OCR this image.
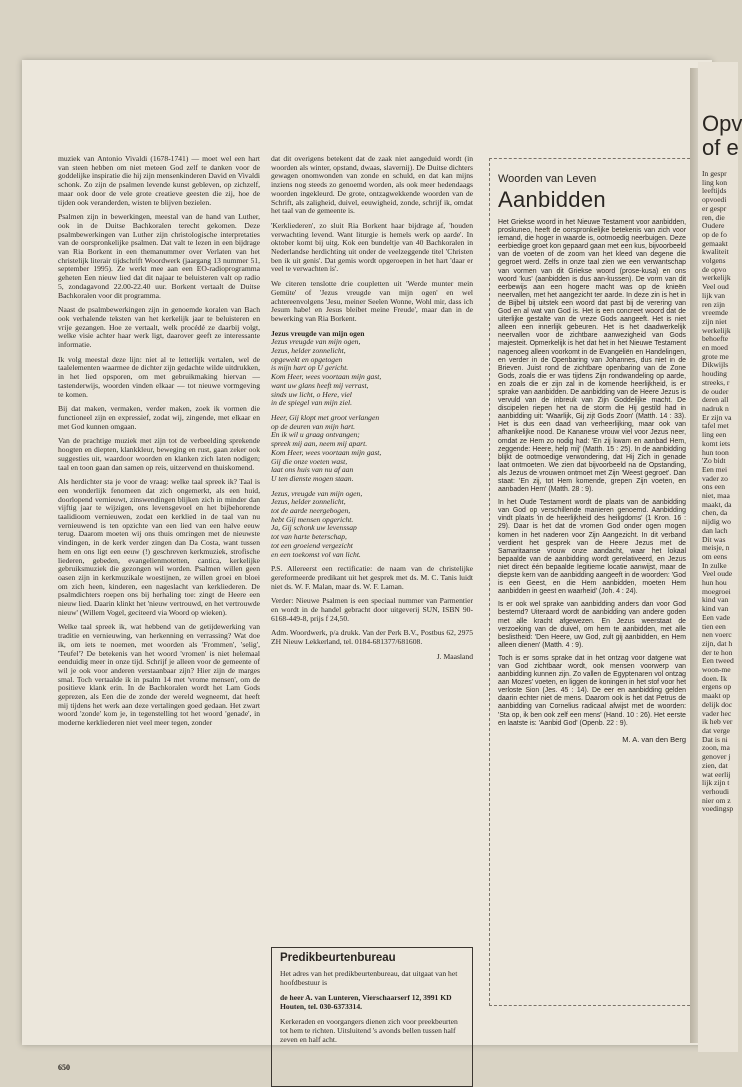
muziek van Antonio Vivaldi (1678-1741) — moet wel een hart van steen hebben om niet meteen God zelf te danken voor de goddelijke inspiratie die hij zijn mensenkinderen David en Vivaldi schonk. Zo zijn de psalmen levende kunst gebleven, op zichzelf, maar ook door de vele grote creatieve geesten die zij, hoe de tijden ook veranderden, wisten te blijven bezielen.

Psalmen zijn in bewerkingen, meestal van de hand van Luther, ook in de Duitse Bachkoralen terecht gekomen. Deze psalmbewerkingen van Luther zijn christologische interpretaties van de oorspronkelijke psalmen. Dat valt te lezen in een bijdrage van Ria Borkent in een themanummer over Verlaten van het christelijk literair tijdschrift Woordwerk (jaargang 13 nummer 51, september 1995). Ze werkt mee aan een EO-radioprogramma geheten Een nieuw lied dat dit najaar te beluisteren valt op radio 5, zondagavond 22.00-22.40 uur. Borkent vertaalt de Duitse Bachkoralen voor dit programma.

Naast de psalmbewerkingen zijn in genoemde koralen van Bach ook verhalende teksten van het kerkelijk jaar te beluisteren en vrije gezangen. Hoe ze vertaalt, welk procédé ze daarbij volgt, welke visie achter haar werk ligt, daarover geeft ze interessante informatie.

Ik volg meestal deze lijn: niet al te letterlijk vertalen, wel de taalelementen waarmee de dichter zijn gedachte wilde uitdrukken, in het lied opsporen, om met gebruikmaking hiervan — tastenderwijs, woorden vinden elkaar — tot nieuwe vormgeving te komen.

Bij dat maken, vermaken, verder maken, zoek ik vormen die functioneel zijn en expressief, zodat wij, zingende, met elkaar en met God kunnen omgaan.

Van de prachtige muziek met zijn tot de verbeelding sprekende hoogten en diepten, klankkleur, beweging en rust, gaan zeker ook suggesties uit, waardoor woorden en klanken zich laten nodigen; taal en toon gaan dan samen op reis, uitzervend en thuiskomend.

Als herdichter sta je voor de vraag: welke taal spreek ik? Taal is een wonderlijk fenomeen dat zich ongemerkt, als een huid, doorlopend vernieuwt, zinswendingen blijken zich in minder dan vijftig jaar te wijzigen, ons levensgevoel en het bijbehorende taalidioom vernieuwen, zodat een kerklied in de taal van nu vernieuwend is ten opzichte van een lied van een halve eeuw terug. Daarom moeten wij ons thuis omringen met de nieuwste vindingen, in de kerk verder zingen dan Da Costa, want tussen hem en ons ligt een eeuw (!) geschreven kerkmuziek, strofische liederen, gebeden, evangelienmotetten, cantica, kerkelijke gebruiksmuziek die gezongen wil worden. Psalmen willen geen oasen zijn in kerkmuzikale woestijnen, ze willen groei en bloei om zich heen, kinderen, een nageslacht van kerkliederen. De psalmdichters roepen ons bij herhaling toe: zingt de Heere een nieuw lied. Daarin klinkt het 'nieuw vertrouwd, en het vertrouwde nieuw' (Willem Vogel, geciteerd via Woord op wieken).

Welke taal spreek ik, wat hebbend van de getijdewerking van traditie en vernieuwing, van herkenning en verrassing? Wat doe ik, om iets te noemen, met woorden als 'Frommen', 'selig', 'Teufel'? De betekenis van het woord 'vromen' is niet helemaal eenduidig meer in onze tijd. Schrijf je alleen voor de gemeente of wil je ook voor anderen verstaanbaar zijn? Hier zijn de marges smal. Toch vertaalde ik in psalm 14 met 'vrome mensen', om de positieve klank erin. In de Bachkoralen wordt het Lam Gods geprezen, als Een die de zonde der wereld wegneemt, dat heeft mij tijdens het werk aan deze vertalingen goed gedaan. Het zwart woord 'zonde' kom je, in tegenstelling tot het woord 'genade', in moderne kerkliederen niet veel meer tegen, zonder

dat dit overigens betekent dat de zaak niet aangeduid wordt (in woorden als winter, opstand, dwaas, slavernij). De Duitse dichters gewagen onomwonden van zonde en schuld, en dat kan mijns inziens nog steeds zo genoemd worden, als ook meer hedendaags woorden ingekleurd. De grote, ontzagwekkende woorden van de Schrift, als zaligheid, duivel, eeuwigheid, zonde, schrijf ik, omdat het taal van de gemeente is.

'Kerkliederen', zo sluit Ria Borkent haar bijdrage af, 'houden verwachting levend. Want liturgie is hemels werk op aarde'. In oktober komt bij uitg. Kok een bundeltje van 40 Bachkoralen in Nederlandse herdichting uit onder de veelzeggende titel 'Christen ben ik uit genis'. Dat gemis wordt opgeroepen in het hart 'daar er veel te verwachten is'.

We citeren tenslotte drie coupletten uit 'Werde munter mein Gemüte' of 'Jezus vreugde van mijn ogen' en wel achtereenvolgens 'Jesu, meiner Seelen Wonne, Wohl mir, dass ich Jesum habe! en Jesus bleibet meine Freude', maar dan in de bewerking van Ria Borkent.

Jezus vreugde van mijn ogen
Jezus vreugde van mijn ogen,
Jezus, helder zonnelicht,
opgewekt en opgetogen
is mijn hart op U gericht.
Kom Heer, wees voortaan mijn gast,
want uw glans heeft mij verrast,
sinds uw licht, o Here, viel
in de spiegel van mijn ziel.
Heer, Gij klopt met groot verlangen
op de deuren van mijn hart.
En ik wil u graag ontvangen;
spreek mij aan, neem mij apart.
Kom Heer, wees voortaan mijn gast,
Gij die onze voeten wast,
laat ons huis van nu af aan
U ten dienste mogen staan.
Jezus, vreugde van mijn ogen,
Jezus, helder zonnelicht,
tot de aarde neergebogen,
hebt Gij mensen opgericht.
Ja, Gij schonk uw levenssap
tot van harte beterschap,
tot een groeiend vergezicht
en een toekomst vol van licht.

P.S. Allereerst een rectificatie: de naam van de christelijke gereformeerde predikant uit het gesprek met ds. M. C. Tanis luidt niet ds. W. F. Malan, maar ds. W. F. Laman.

Verder: Nieuwe Psalmen is een speciaal nummer van Parmentier en wordt in de handel gebracht door uitgeverij SUN, ISBN 90-6168-449-8, prijs f 24,50.

Adm. Woordwerk, p/a drukk. Van der Perk B.V., Postbus 62, 2975 ZH Nieuw Lekkerland, tel. 0184-681377/681608.

J. Maasland

Predikbeurtenbureau

Het adres van het predikbeurtenbureau, dat uitgaat van het hoofdbestuur is

de heer A. van Lunteren, Vierschaarserf 12, 3991 KD Houten, tel. 030-6373314.

Kerkeraden en voorgangers dienen zich voor preekbeurten tot hem te richten. Uitsluitend 's avonds bellen tussen half zeven en half acht.

Woorden van Leven
Aanbidden

Het Griekse woord in het Nieuwe Testament voor aanbidden, proskuneo, heeft de oorspronkelijke betekenis van zich voor iemand, die hoger in waarde is, ootmoedig neerbuigen. Deze eerbiedige groet kon gepaard gaan met een kus, bijvoorbeeld van de voeten of de zoom van het kleed van degene die gegroet werd. Zelfs in onze taal zien we een verwantschap van vormen van dit Griekse woord (prose-kusa) en ons woord 'kus' (aanbidden is dus aan-kussen). De vorm van dit eerbewijs aan een hogere macht was op de knieën neervallen, met het aangezicht ter aarde. In deze zin is het in de Bijbel bij uitstek een woord dat past bij de verering van God en al wat van God is. Het is een concreet woord dat de uiterlijke gestalte van de vreze Gods aangeeft. Het is niet alleen een innerlijk gebeuren. Het is het daadwerkelijk neervallen voor de zichtbare aanwezigheid van Gods majesteit. Opmerkelijk is het dat het in het Nieuwe Testament nagenoeg alleen voorkomt in de Evangeliën en Handelingen, en verder in de Openbaring van Johannes, dus niet in de Brieven. Juist rond de zichtbare openbaring van de Zone Gods, zoals die er was tijdens Zijn rondwandeling op aarde, en zoals die er zijn zal in de komende heerlijkheid, is er sprake van aanbidden. De aanbidding van de Heere Jezus is vervuld van de inbreuk van Zijn Goddelijke macht. De discipelen riepen het na de storm die Hij gestild had in aanbidding uit: 'Waarlijk, Gij zijt Gods Zoon' (Matth. 14 : 33). Het is dus een daad van verheerlijking, maar ook van afhankelijke nood. De Kananese vrouw viel voor Jezus neer, omdat ze Hem zo nodig had: 'En zij kwam en aanbad Hem, zeggende: Heere, help mij' (Matth. 15 : 25). In de aanbidding blijkt de ootmoedige verwondering, dat Hij Zich in genade laat ontmoeten. We zien dat bijvoorbeeld na de Opstanding, als Jezus de vrouwen ontmoet met Zijn 'Weest gegroet'. Dan staat: 'En zij, tot Hem komende, grepen Zijn voeten, en aanbaden Hem' (Matth. 28 : 9).

In het Oude Testament wordt de plaats van de aanbidding van God op verschillende manieren genoemd. Aanbidding vindt plaats 'in de heerlijkheid des heiligdoms' (1 Kron. 16 : 29). Daar is het dat de vromen God onder ogen mogen komen in het naderen voor Zijn Aangezicht. In dit verband verdient het gesprek van de Heere Jezus met de Samaritaanse vrouw onze aandacht, waar het lokaal bepaalde van de aanbidding wordt gerelativeerd, en Jezus niet direct één bepaalde legitieme locatie aanwijst, maar de diepste kern van de aanbidding aangeeft in de woorden: 'God is een Geest, en die Hem aanbidden, moeten Hem aanbidden in geest en waarheid' (Joh. 4 : 24).

Is er ook wel sprake van aanbidding anders dan voor God bestemd? Uiteraard wordt de aanbidding van andere goden met alle kracht afgewezen. En Jezus weerstaat de verzoeking van de duivel, om hem te aanbidden, met alle beslistheid: 'Den Heere, uw God, zult gij aanbidden, en Hem alleen dienen' (Matth. 4 : 9).

Toch is er soms sprake dat in het ontzag voor datgene wat van God zichtbaar wordt, ook mensen voorwerp van aanbidding kunnen zijn. Zo vallen de Egyptenaren vol ontzag aan Mozes' voeten, en liggen de koningen in het stof voor het verloste Sion (Jes. 45 : 14). De eer en aanbidding gelden daarin echter niet de mens. Daarom ook is het dat Petrus de aanbidding van Cornelius radicaal afwijst met de woorden: 'Sta op, ik ben ook zelf een mens' (Hand. 10 : 26). Het eerste en laatste is: 'Aanbid God' (Openb. 22 : 9).

M. A. van den Berg
650
Opv
of e
In gespr
ling kon
leeftijds
opvoedi
er gespr
ren, die
Oudere
op de fo
gemaakt
kwaliteit
volgens
de opvo
werkelijk
Veel oud
lijk van
ren zijn
vreemde
zijn niet
werkelijk
behoefte
en moed
grote me
Dikwijls
houding
streeks, r
de ouder
deren all
nadruk n
Er zijn va
tafel met
ling een
komt iets
hun toon
'Zo bidt
Een mei
vader zo
ons een
niet, maa
maakt, da
chen, da
nijdig wo
dan lach
Dit was
meisje, n
om eens
In zulke
Veel oude
hun hou
moegroei
kind van
kind van
Een vade
tien een
nen voerc
zijn, dat h
der te hon
Een tweed
woon-me
doen. Ik
ergens op
maakt op
delijk doc
vader hec
ik heb ver
dat verge
Dat is ni
zoon, ma
genover j
zien, dat
wat eerlij
lijk zijn t
verhoudi
nier om z
voedingsp
